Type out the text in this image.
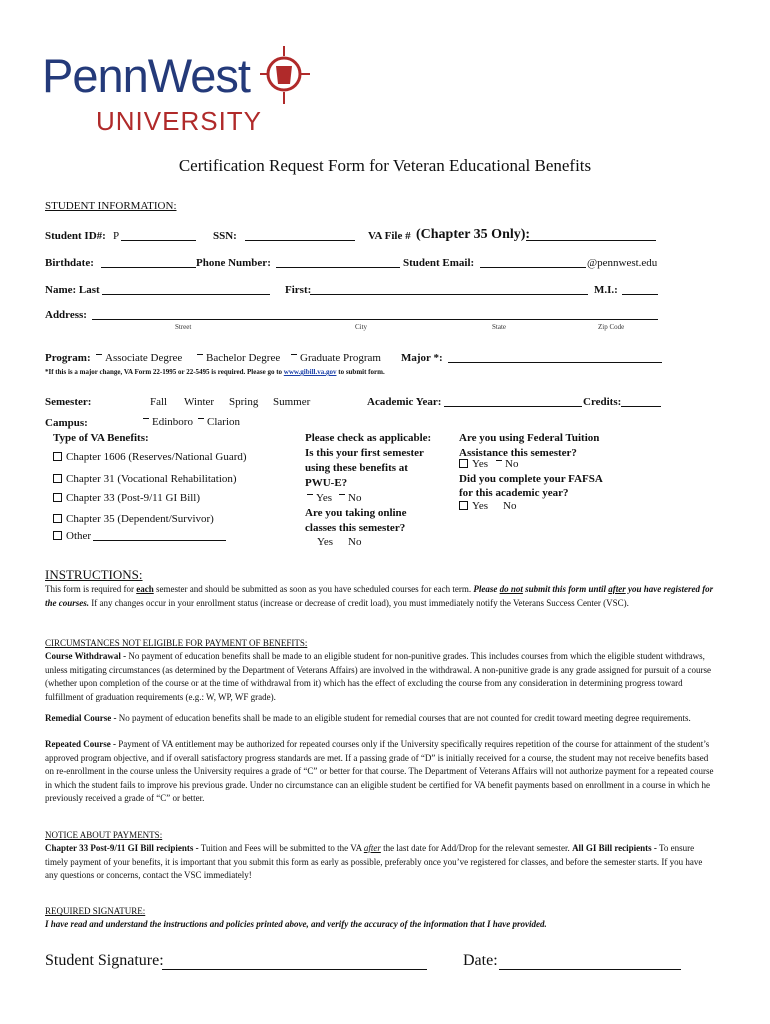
PennWest
UNIVERSITY
Certification Request Form for Veteran Educational Benefits
STUDENT INFORMATION:
Student ID#: P	SSN:	VA File # (Chapter 35 Only):
Birthdate:	Phone Number:	Student Email:	@pennwest.edu
Name: Last	First:	M.I.:
Address:
Street	City	State	Zip Code
Program:	Associate Degree	Bachelor Degree	Graduate Program Major *:
*If this is a major change, VA Form 22-1995 or 22-5495 is required. Please go to www.gibill.va.gov to submit form.
Semester:	Fall Winter Spring Summer	Academic Year:	Credits:
Campus:	Edinboro	Clarion
Type of VA Benefits:
Chapter 1606 (Reserves/National Guard)
Chapter 31 (Vocational Rehabilitation)
Chapter 33 (Post-9/11 GI Bill)
Chapter 35 (Dependent/Survivor)
Other
Please check as applicable:
Is this your first semester
using these benefits at
PWU-E?
Yes	No
Are you taking online
classes this semester?
Yes No
Are you using Federal Tuition
Assistance this semester?
Yes	No
Did you complete your FAFSA
for this academic year?
Yes No
INSTRUCTIONS:
This form is required for each semester and should be submitted as soon as you have scheduled courses for each term. Please do not submit this form until after you have registered for the courses. If any changes occur in your enrollment status (increase or decrease of credit load), you must immediately notify the Veterans Success Center (VSC).
CIRCUMSTANCES NOT ELIGIBLE FOR PAYMENT OF BENEFITS:
Course Withdrawal - No payment of education benefits shall be made to an eligible student for non-punitive grades. This includes courses from which the eligible student withdraws, unless mitigating circumstances (as determined by the Department of Veterans Affairs) are involved in the withdrawal. A non-punitive grade is any grade assigned for pursuit of a course (whether upon completion of the course or at the time of withdrawal from it) which has the effect of excluding the course from any consideration in determining progress toward fulfillment of graduation requirements (e.g.: W, WP, WF grade).
Remedial Course - No payment of education benefits shall be made to an eligible student for remedial courses that are not counted for credit toward meeting degree requirements.
Repeated Course - Payment of VA entitlement may be authorized for repeated courses only if the University specifically requires repetition of the course for attainment of the student’s approved program objective, and if overall satisfactory progress standards are met. If a passing grade of “D” is initially received for a course, the student may not receive benefits based on re-enrollment in the course unless the University requires a grade of “C” or better for that course. The Department of Veterans Affairs will not authorize payment for a repeated course in which the student fails to improve his previous grade. Under no circumstance can an eligible student be certified for VA benefit payments based on enrollment in a course in which he previously received a grade of “C” or better.
NOTICE ABOUT PAYMENTS:
Chapter 33 Post-9/11 GI Bill recipients - Tuition and Fees will be submitted to the VA after the last date for Add/Drop for the relevant semester. All GI Bill recipients - To ensure timely payment of your benefits, it is important that you submit this form as early as possible, preferably once you’ve registered for classes, and before the semester starts. If you have any questions or concerns, contact the VSC immediately!
REQUIRED SIGNATURE:
I have read and understand the instructions and policies printed above, and verify the accuracy of the information that I have provided.
Student Signature:	Date:
